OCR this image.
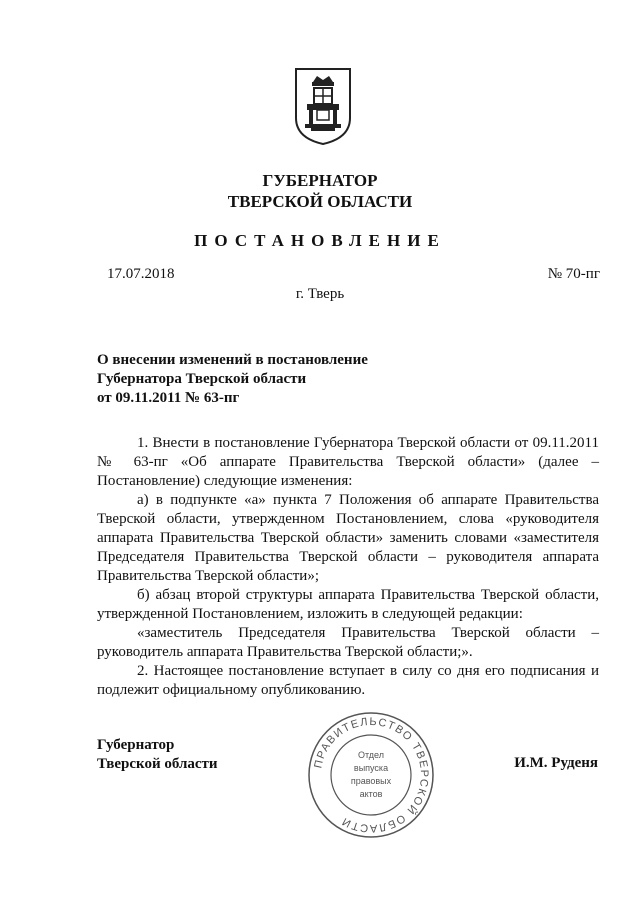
ГУБЕРНАТОР
ТВЕРСКОЙ ОБЛАСТИ
ПОСТАНОВЛЕНИЕ
17.07.2018	№ 70-пг
г. Тверь
О внесении изменений в постановление
Губернатора Тверской области
от 09.11.2011 № 63-пг

1. Внести в постановление Губернатора Тверской области от 09.11.2011 № 63-пг «Об аппарате Правительства Тверской области» (далее – Постановление) следующие изменения:

а) в подпункте «а» пункта 7 Положения об аппарате Правительства Тверской области, утвержденном Постановлением, слова «руководителя аппарата Правительства Тверской области» заменить словами «заместителя Председателя Правительства Тверской области – руководителя аппарата Правительства Тверской области»;

б) абзац второй структуры аппарата Правительства Тверской области, утвержденной Постановлением, изложить в следующей редакции:

«заместитель Председателя Правительства Тверской области – руководитель аппарата Правительства Тверской области;».

2. Настоящее постановление вступает в силу со дня его подписания и подлежит официальному опубликованию.

Губернатор
Тверской области	И.М. Руденя
ПРАВИТЕЛЬСТВО ТВЕРСКОЙ ОБЛАСТИ
Отдел
выпуска
правовых
актов
